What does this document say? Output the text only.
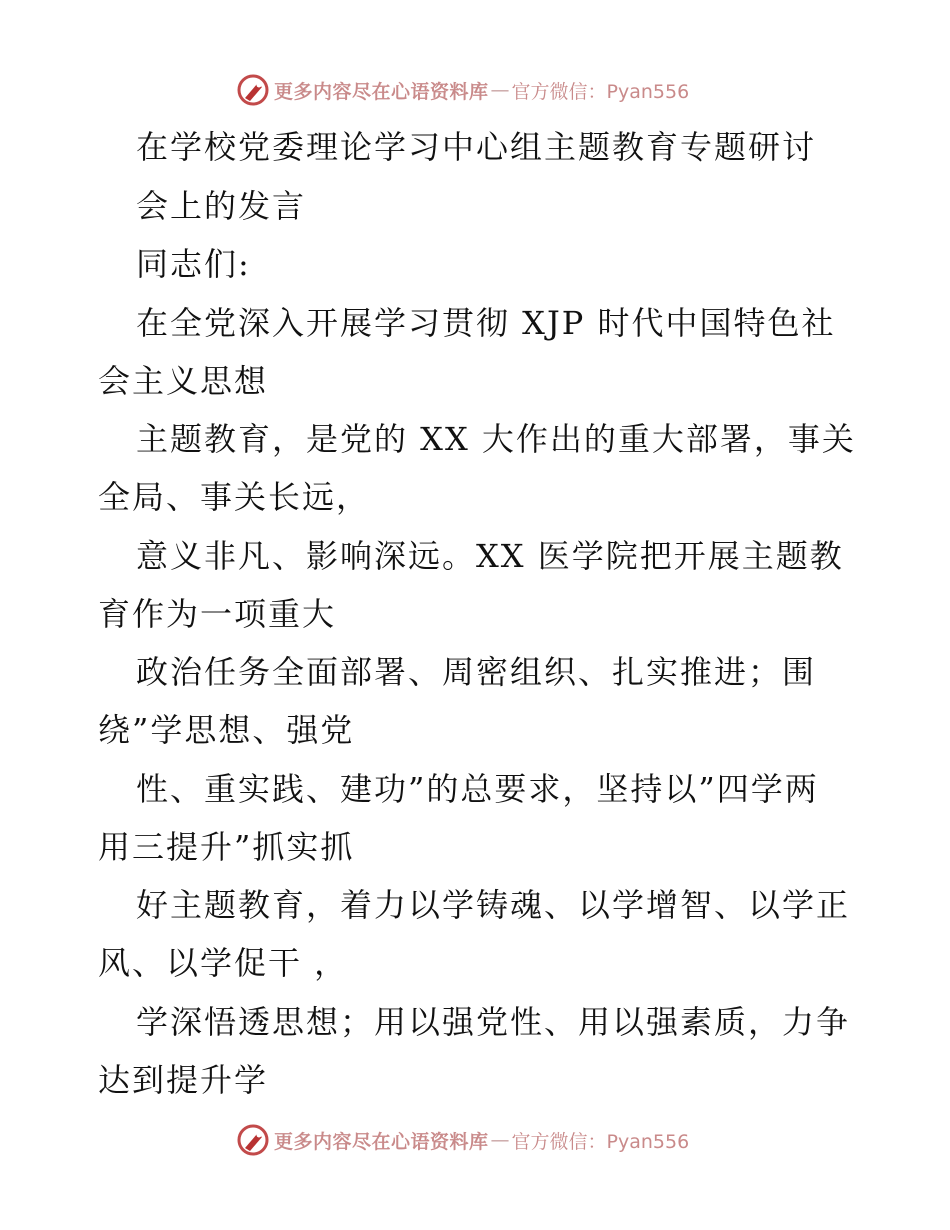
更多内容尽在心语资料库 — 官方微信：Pyan556
在学校党委理论学习中心组主题教育专题研讨
会上的发言
同志们:
在全党深入开展学习贯彻 XJP 时代中国特色社
会主义思想
主题教育，是党的 XX 大作出的重大部署，事关
全局、事关长远，
意义非凡、影响深远。XX 医学院把开展主题教
育作为一项重大
政治任务全面部署、周密组织、扎实推进；围
绕”学思想、强党
性、重实践、建功”的总要求，坚持以”四学两
用三提升”抓实抓
好主题教育，着力以学铸魂、以学增智、以学正
风、以学促干 ，
学深悟透思想；用以强党性、用以强素质，力争
达到提升学
更多内容尽在心语资料库 — 官方微信：Pyan556
